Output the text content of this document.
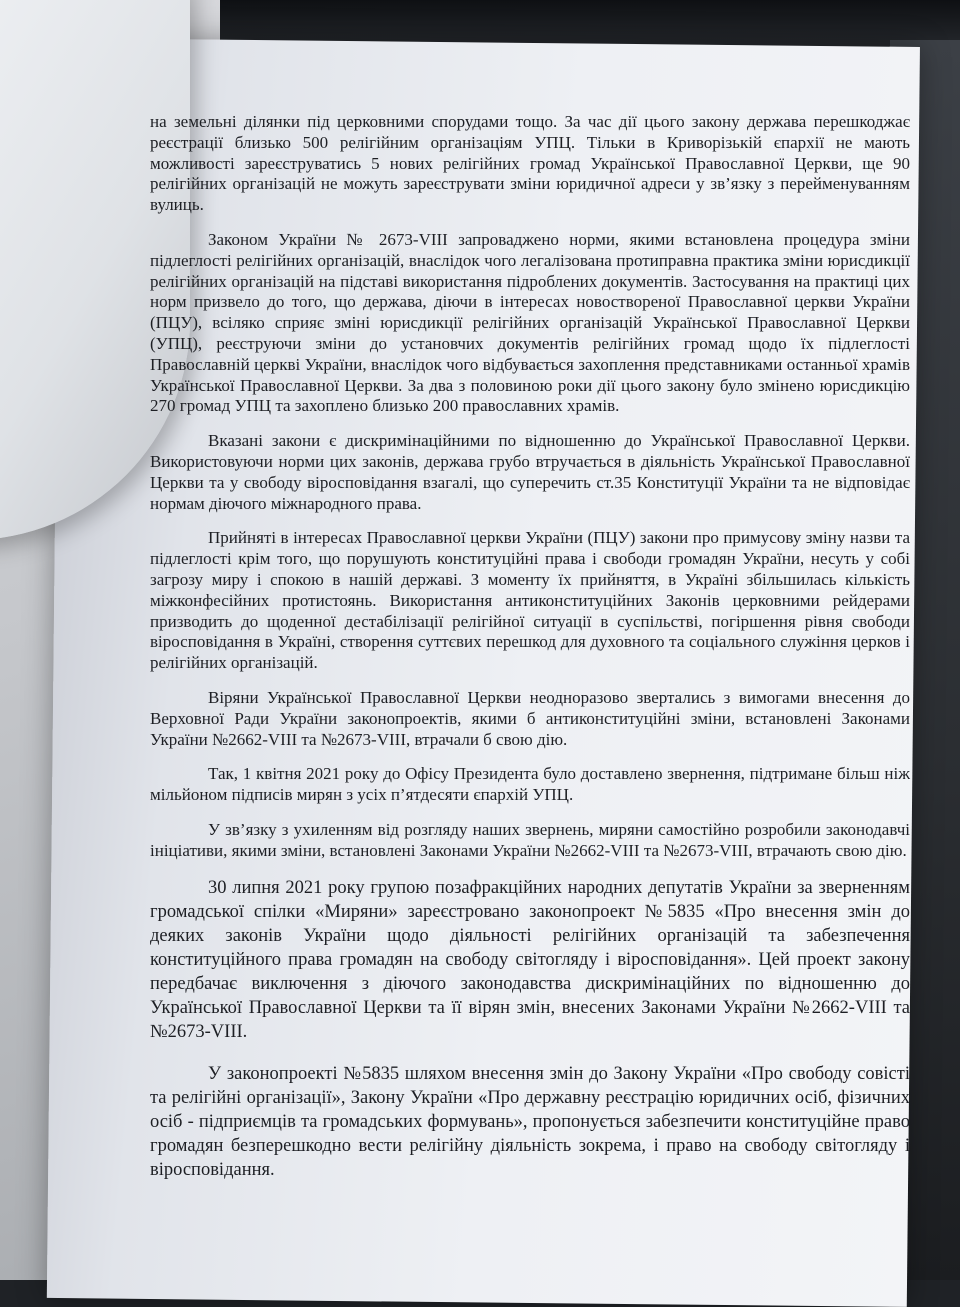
на земельні ділянки під церковними спорудами тощо. За час дії цього закону держава перешкоджає реєстрації близько 500 релігійним організаціям УПЦ. Тільки в Криворізькій єпархії не мають можливості зареєструватись 5 нових релігійних громад Української Православної Церкви, ще 90 релігійних організацій не можуть зареєструвати зміни юридичної адреси у зв’язку з перейменуванням вулиць.

Законом України № 2673-VIII запроваджено норми, якими встановлена процедура зміни підлеглості релігійних організацій, внаслідок чого легалізована протиправна практика зміни юрисдикції релігійних організацій на підставі використання підроблених документів. Застосування на практиці цих норм призвело до того, що держава, діючи в інтересах новоствореної Православної церкви України (ПЦУ), всіляко сприяє зміні юрисдикції релігійних організацій Української Православної Церкви (УПЦ), реєструючи зміни до установчих документів релігійних громад щодо їх підлеглості Православній церкві України, внаслідок чого відбувається захоплення представниками останньої храмів Української Православної Церкви. За два з половиною роки дії цього закону було змінено юрисдикцію 270 громад УПЦ та захоплено близько 200 православних храмів.

Вказані закони є дискримінаційними по відношенню до Української Православної Церкви. Використовуючи норми цих законів, держава грубо втручається в діяльність Української Православної Церкви та у свободу віросповідання взагалі, що суперечить ст.35 Конституції України та не відповідає нормам діючого міжнародного права.

Прийняті в інтересах Православної церкви України (ПЦУ) закони про примусову зміну назви та підлеглості крім того, що порушують конституційні права і свободи громадян України, несуть у собі загрозу миру і спокою в нашій державі. З моменту їх прийняття, в Україні збільшилась кількість міжконфесійних протистоянь. Використання антиконституційних Законів церковними рейдерами призводить до щоденної дестабілізації релігійної ситуації в суспільстві, погіршення рівня свободи віросповідання в Україні, створення суттєвих перешкод для духовного та соціального служіння церков і релігійних організацій.

Віряни Української Православної Церкви неодноразово звертались з вимогами внесення до Верховної Ради України законопроектів, якими б антиконституційні зміни, встановлені Законами України №2662-VIII та №2673-VIII, втрачали б свою дію.

Так, 1 квітня 2021 року до Офісу Президента було доставлено звернення, підтримане більш ніж мільйоном підписів мирян з усіх п’ятдесяти єпархій УПЦ.

У зв’язку з ухиленням від розгляду наших звернень, миряни самостійно розробили законодавчі ініціативи, якими зміни, встановлені Законами України №2662-VIII та №2673-VIII, втрачають свою дію.

30 липня 2021 року групою позафракційних народних депутатів України за зверненням громадської спілки «Миряни» зареєстровано законопроект №5835 «Про внесення змін до деяких законів України щодо діяльності релігійних організацій та забезпечення конституційного права громадян на свободу світогляду і віросповідання». Цей проект закону передбачає виключення з діючого законодавства дискримінаційних по відношенню до Української Православної Церкви та її вірян змін, внесених Законами України №2662-VIII та №2673-VIII.

У законопроекті №5835 шляхом внесення змін до Закону України «Про свободу совісті та релігійні організації», Закону України «Про державну реєстрацію юридичних осіб, фізичних осіб - підприємців та громадських формувань», пропонується забезпечити конституційне право громадян безперешкодно вести релігійну діяльність зокрема, і право на свободу світогляду і віросповідання.
